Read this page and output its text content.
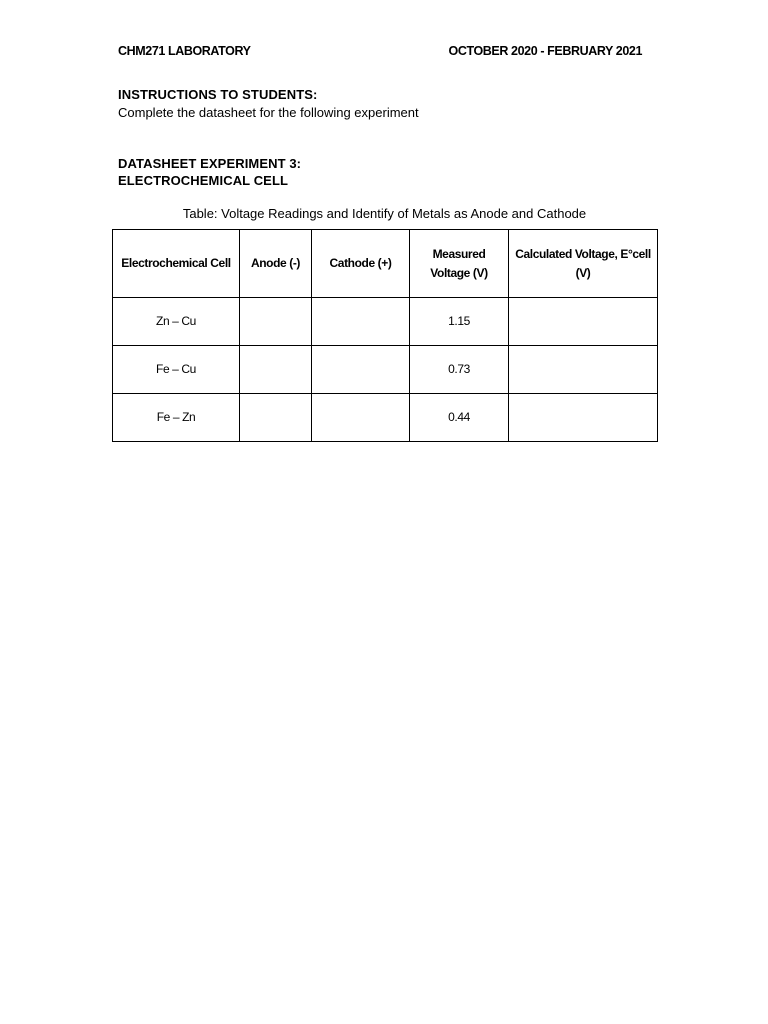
CHM271 LABORATORY	OCTOBER 2020 - FEBRUARY 2021
INSTRUCTIONS TO STUDENTS:
Complete the datasheet for the following experiment
DATASHEET EXPERIMENT 3:
ELECTROCHEMICAL CELL
Table: Voltage Readings and Identify of Metals as Anode and Cathode
Electrochemical Cell	Anode (-)	Cathode (+)	Measured Voltage (V)	Calculated Voltage, E°cell (V)
Zn – Cu			1.15	
Fe – Cu			0.73	
Fe – Zn			0.44	
